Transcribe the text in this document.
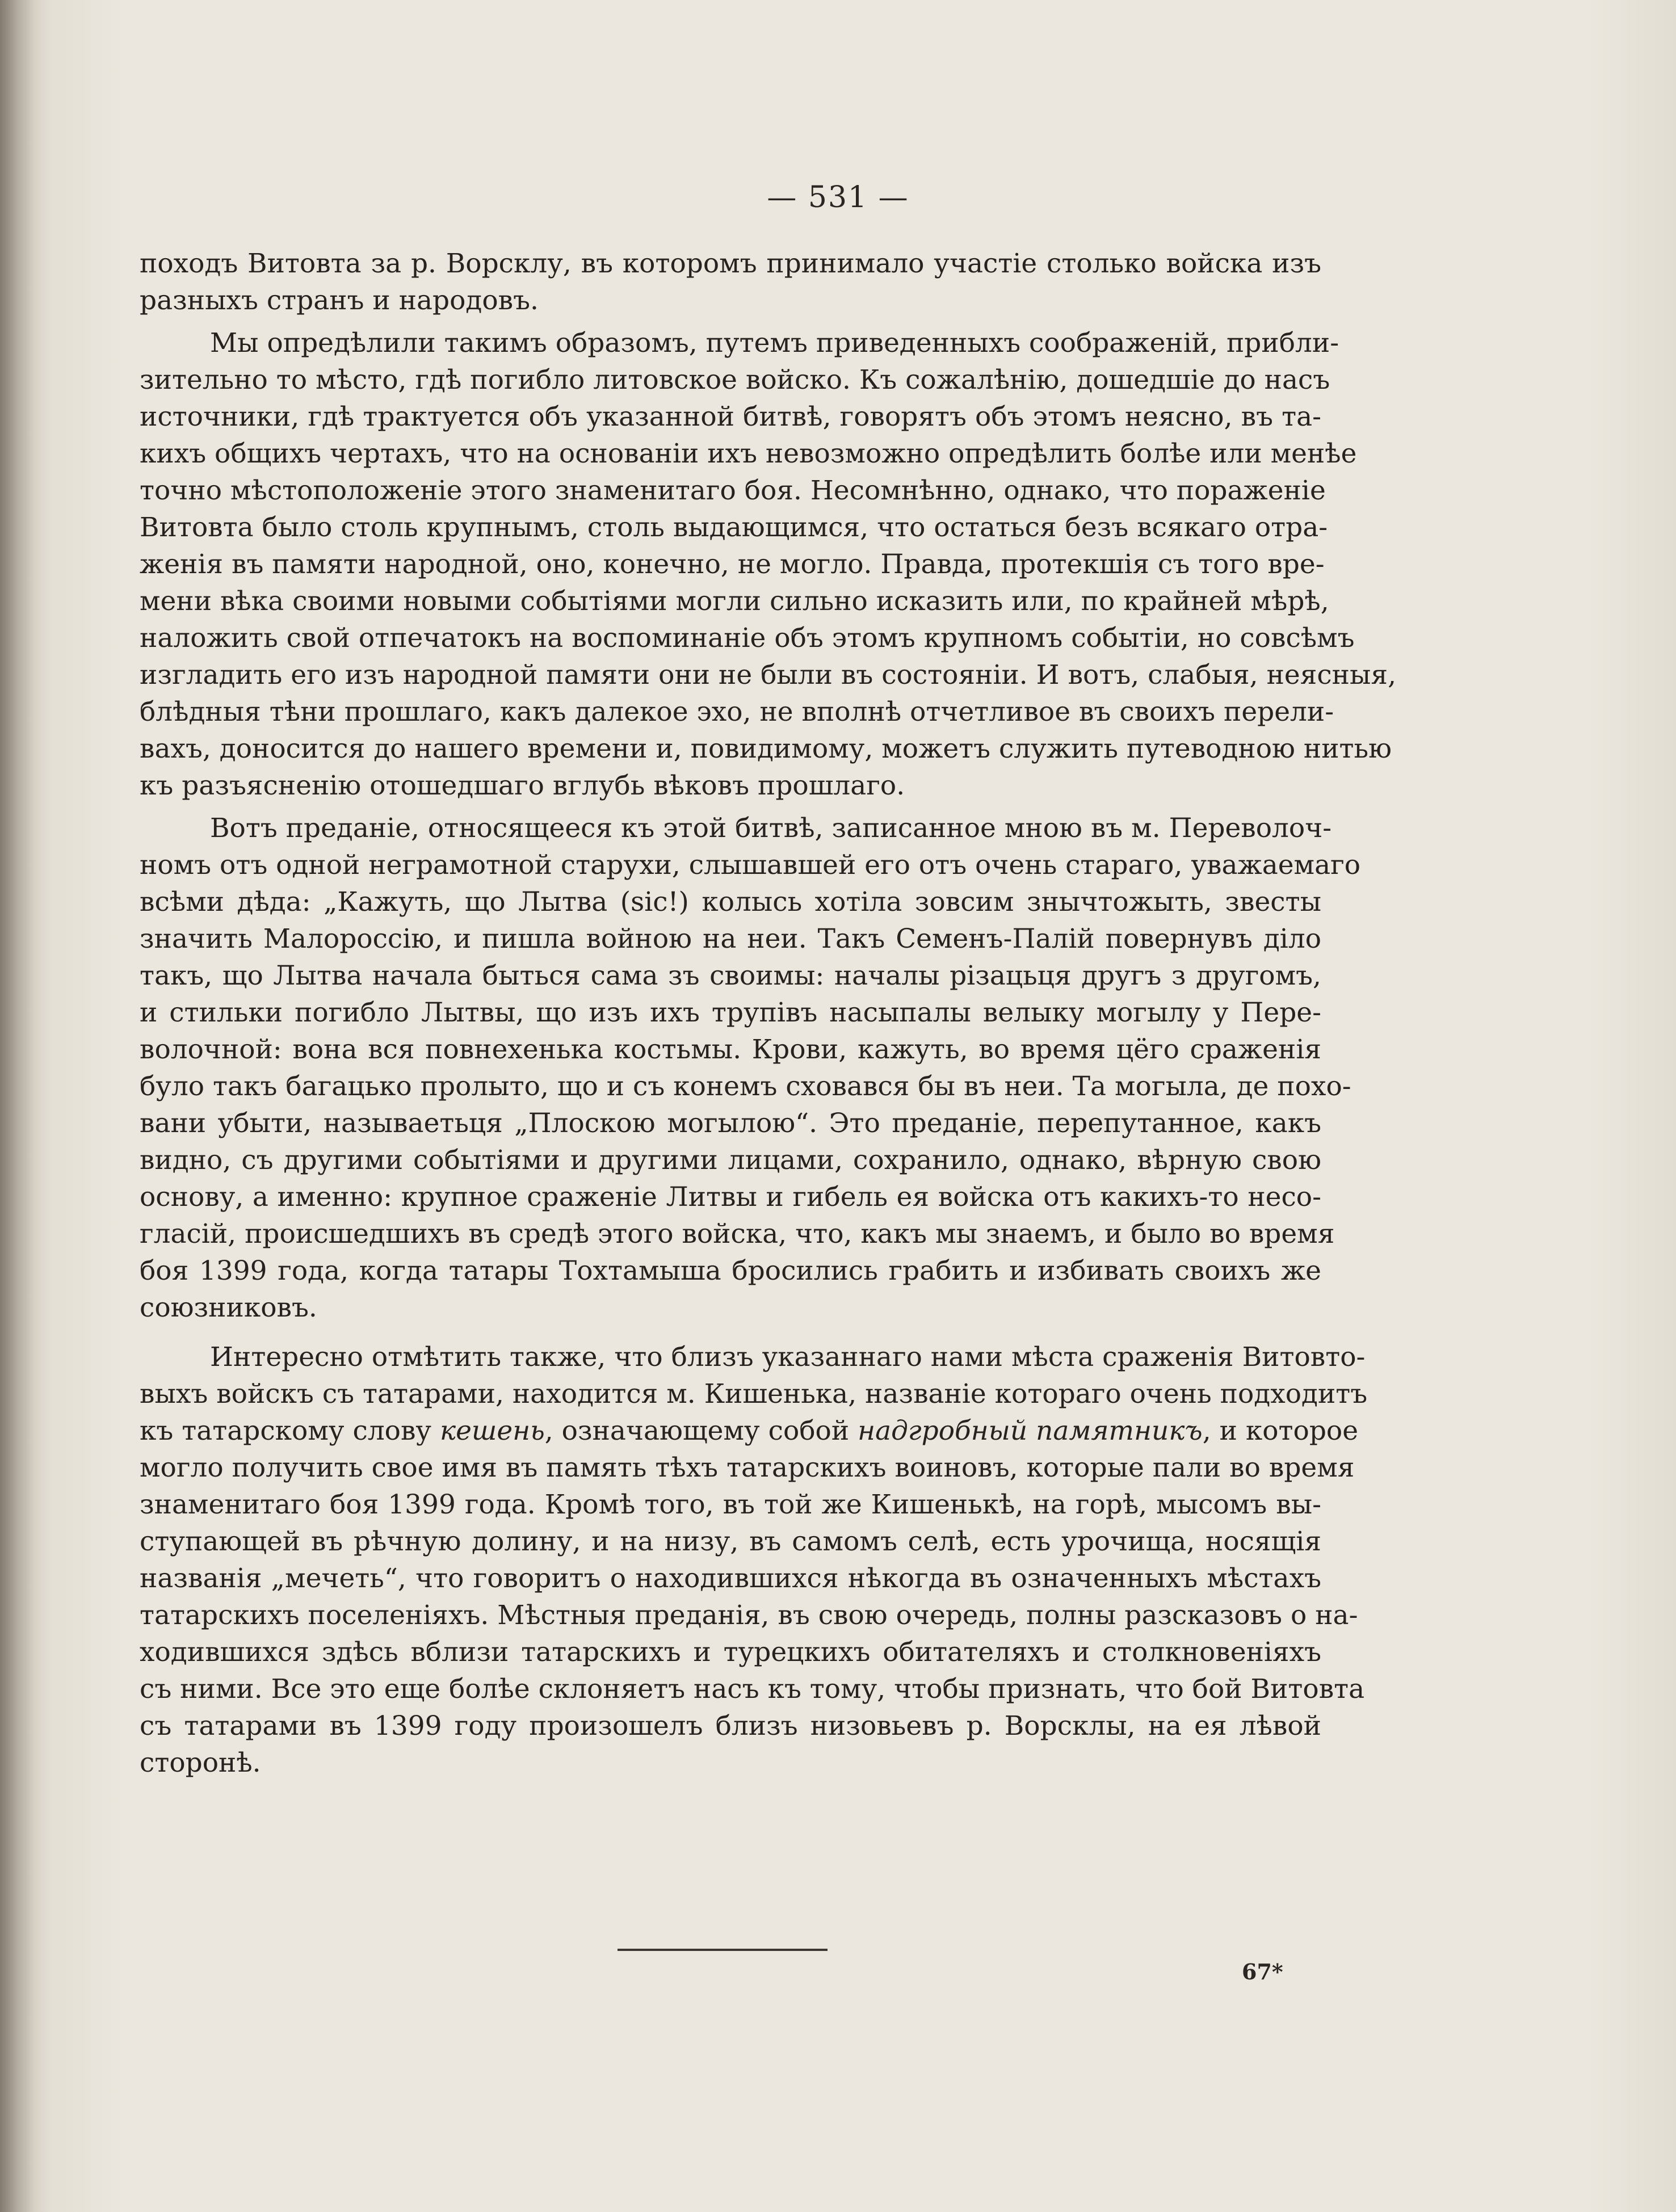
— 531 —
походъ Витовта за р. Ворсклу, въ которомъ принимало участіе столько войска изъ
разныхъ странъ и народовъ.
Мы опредѣлили такимъ образомъ, путемъ приведенныхъ соображеній, прибли-
зительно то мѣсто, гдѣ погибло литовское войско. Къ сожалѣнію, дошедшіе до насъ
источники, гдѣ трактуется объ указанной битвѣ, говорятъ объ этомъ неясно, въ та-
кихъ общихъ чертахъ, что на основаніи ихъ невозможно опредѣлить болѣе или менѣе
точно мѣстоположеніе этого знаменитаго боя. Несомнѣнно, однако, что пораженіе
Витовта было столь крупнымъ, столь выдающимся, что остаться безъ всякаго отра-
женія въ памяти народной, оно, конечно, не могло. Правда, протекшія съ того вре-
мени вѣка своими новыми событіями могли сильно исказить или, по крайней мѣрѣ,
наложить свой отпечатокъ на воспоминаніе объ этомъ крупномъ событіи, но совсѣмъ
изгладить его изъ народной памяти они не были въ состояніи. И вотъ, слабыя, неясныя,
блѣдныя тѣни прошлаго, какъ далекое эхо, не вполнѣ отчетливое въ своихъ перели-
вахъ, доносится до нашего времени и, повидимому, можетъ служить путеводною нитью
къ разъясненію отошедшаго вглубь вѣковъ прошлаго.
Вотъ преданіе, относящееся къ этой битвѣ, записанное мною въ м. Переволоч-
номъ отъ одной неграмотной старухи, слышавшей его отъ очень стараго, уважаемаго
всѣми дѣда: „Кажуть, що Лытва (sic!) колысь хотіла зовсим знычтожыть, звесты
значить Малороссію, и пишла войною на неи. Такъ Семенъ-Палій повернувъ діло
такъ, що Лытва начала быться сама зъ своимы: началы різацьця другъ з другомъ,
и стильки погибло Лытвы, що изъ ихъ трупівъ насыпалы велыку могылу у Пере-
волочной: вона вся повнехенька костьмы. Крови, кажуть, во время цёго сраженія
було такъ багацько пролыто, що и съ конемъ сховався бы въ неи. Та могыла, де похо-
вани убыти, называетьця „Плоскою могылою“. Это преданіе, перепутанное, какъ
видно, съ другими событіями и другими лицами, сохранило, однако, вѣрную свою
основу, а именно: крупное сраженіе Литвы и гибель ея войска отъ какихъ-то несо-
гласій, происшедшихъ въ средѣ этого войска, что, какъ мы знаемъ, и было во время
боя 1399 года, когда татары Тохтамыша бросились грабить и избивать своихъ же
союзниковъ.
Интересно отмѣтить также, что близъ указаннаго нами мѣста сраженія Витовто-
выхъ войскъ съ татарами, находится м. Кишенька, названіе котораго очень подходитъ
къ татарскому слову кешень, означающему собой надгробный памятникъ, и которое
могло получить свое имя въ память тѣхъ татарскихъ воиновъ, которые пали во время
знаменитаго боя 1399 года. Кромѣ того, въ той же Кишенькѣ, на горѣ, мысомъ вы-
ступающей въ рѣчную долину, и на низу, въ самомъ селѣ, есть урочища, носящія
названія „мечеть“, что говоритъ о находившихся нѣкогда въ означенныхъ мѣстахъ
татарскихъ поселеніяхъ. Мѣстныя преданія, въ свою очередь, полны разсказовъ о на-
ходившихся здѣсь вблизи татарскихъ и турецкихъ обитателяхъ и столкновеніяхъ
съ ними. Все это еще болѣе склоняетъ насъ къ тому, чтобы признать, что бой Витовта
съ татарами въ 1399 году произошелъ близъ низовьевъ р. Ворсклы, на ея лѣвой
сторонѣ.
67*
